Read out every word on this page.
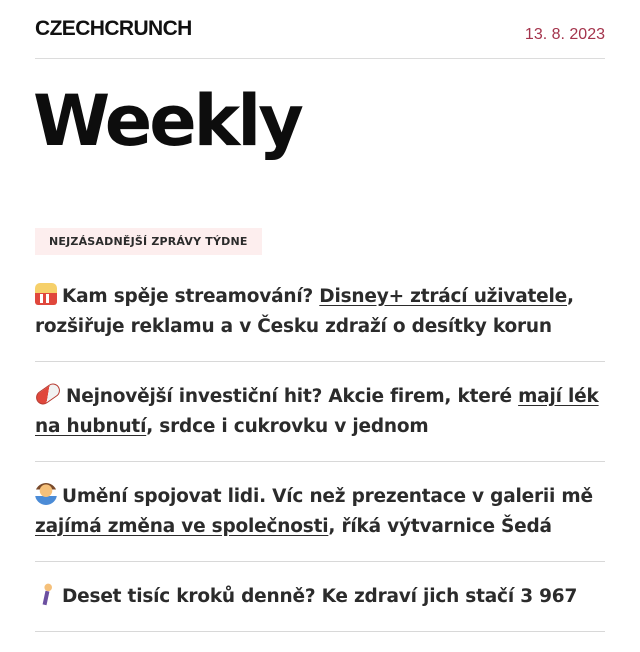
CZECHCRUNCH	13. 8. 2023
Weekly
NEJZÁSADNĚJŠÍ ZPRÁVY TÝDNE
Kam spěje streamování? Disney+ ztrácí uživatele, rozšiřuje reklamu a v Česku zdraží o desítky korun
Nejnovější investiční hit? Akcie firem, které mají lék na hubnutí, srdce i cukrovku v jednom
Umění spojovat lidi. Víc než prezentace v galerii mě zajímá změna ve společnosti, říká výtvarnice Šedá
Deset tisíc kroků denně? Ke zdraví jich stačí 3 967
